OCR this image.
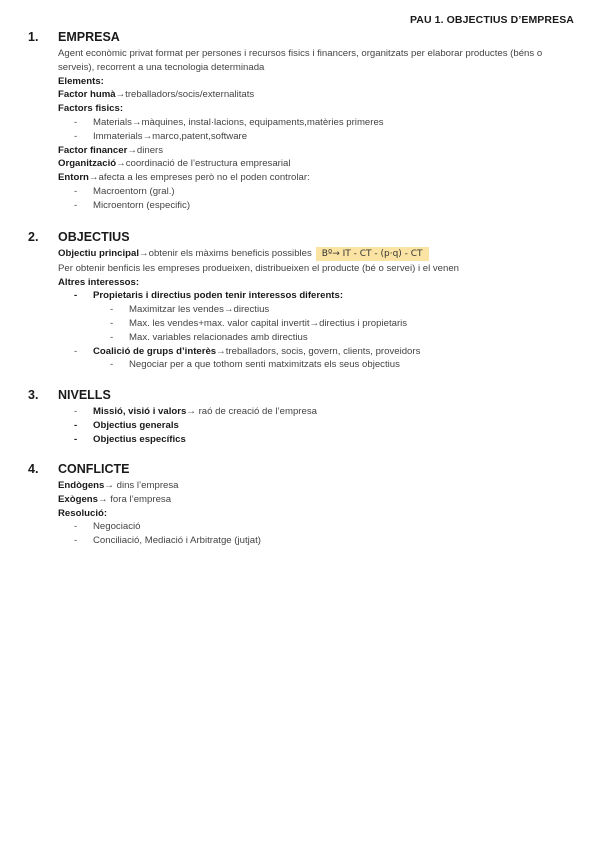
PAU 1. OBJECTIUS D’EMPRESA
1.	EMPRESA
Agent econòmic privat format per persones i recursos fisics i financers, organitzats per elaborar productes (béns o serveis), recorrent a una tecnologia determinada
Elements:
Factor humà→treballadors/socis/externalitats
Factors fisics:
-	Materials→màquines, instal·lacions, equipaments,matèries primeres
-	Immaterials→marco,patent,software
Factor financer→diners
Organització→coordinació de l’estructura empresarial
Entorn→afecta a les empreses però no el poden controlar:
-	Macroentorn (gral.)
-	Microentorn (especific)
2.	OBJECTIUS
Objectiu principal→obtenir els màxims beneficis possibles Bº→ IT - CT - (p·q) - CT
Per obtenir benficis les empreses produeixen, distribueixen el producte (bé o servei) i el venen
Altres interessos:
-	Propietaris i directius poden tenir interessos diferents:
-	Maximitzar les vendes→directius
-	Max. les vendes+max. valor capital invertit→directius i propietaris
-	Max. variables relacionades amb directius
-	Coalició de grups d’interès→treballadors, socis, govern, clients, proveidors
-	Negociar per a que tothom senti matximitzats els seus objectius
3.	NIVELLS
-	Missió, visió i valors→ raó de creació de l’empresa
-	Objectius generals
-	Objectius específics
4.	CONFLICTE
Endògens→ dins l’empresa
Exògens→ fora l’empresa
Resolució:
-	Negociació
-	Conciliació, Mediació i Arbitratge (jutjat)
